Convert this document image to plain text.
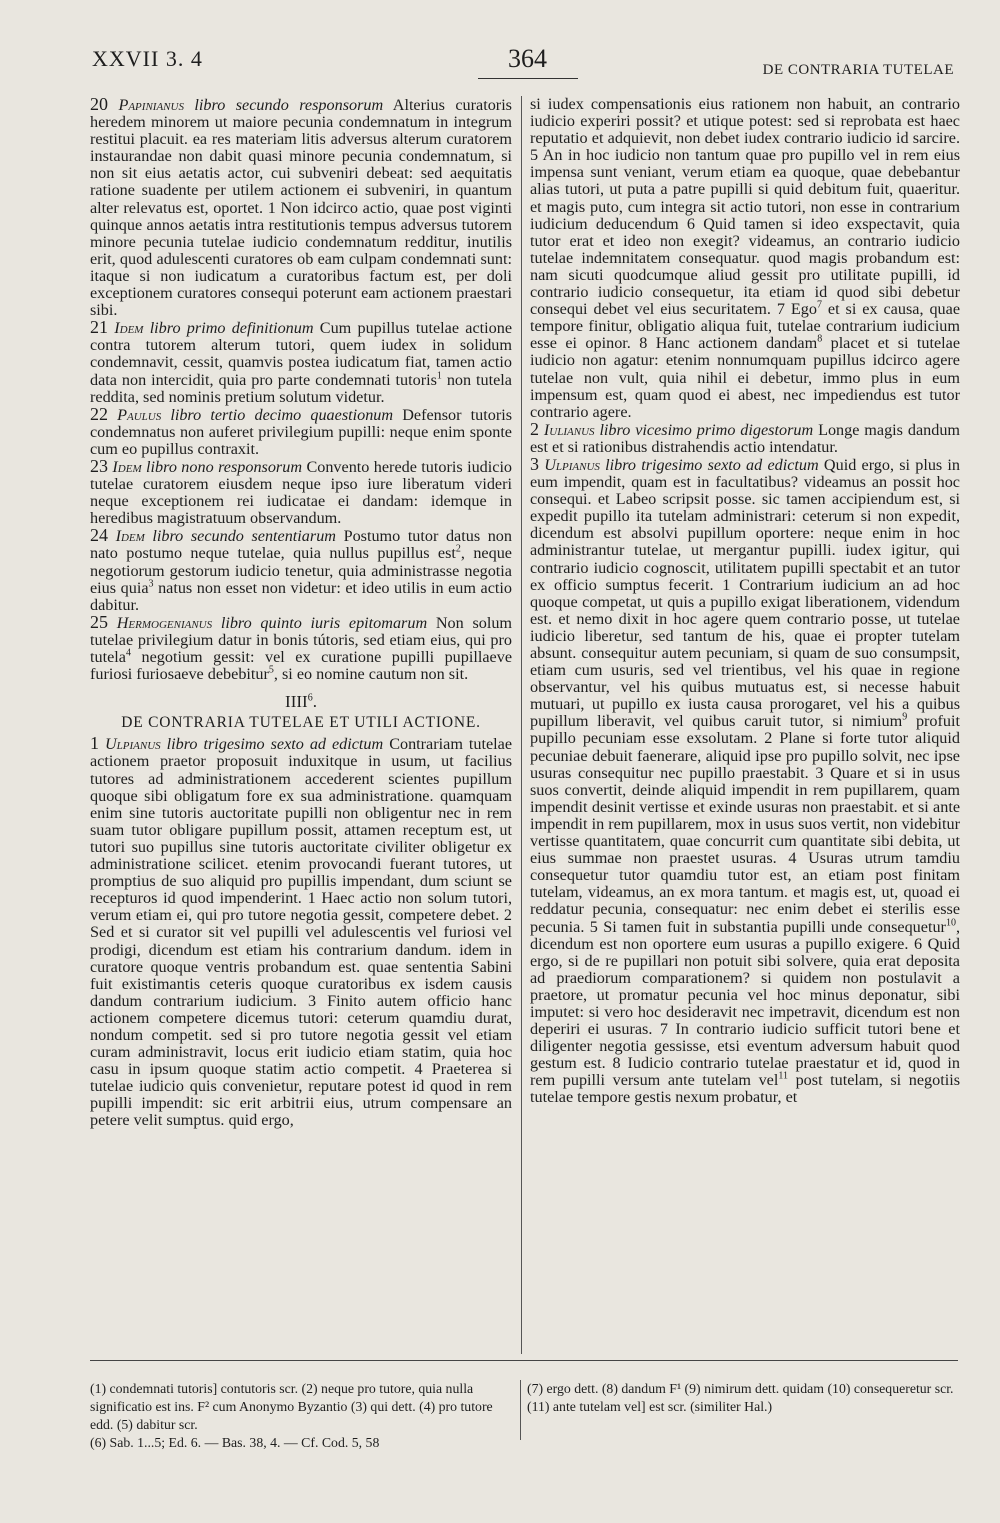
XXVII 3. 4	364	DE CONTRARIA TUTELAE

20 Papinianus libro secundo responsorum Alterius curatoris heredem minorem ut maiore pecunia condemnatum in integrum restitui placuit. ea res materiam litis adversus alterum curatorem instaurandae non dabit quasi minore pecunia condemnatum, si non sit eius aetatis actor, cui subveniri debeat: sed aequitatis ratione suadente per utilem actionem ei subveniri, in quantum alter relevatus est, oportet. 1 Non idcirco actio, quae post viginti quinque annos aetatis intra restitutionis tempus adversus tutorem minore pecunia tutelae iudicio condemnatum redditur, inutilis erit, quod adulescenti curatores ob eam culpam condemnati sunt: itaque si non iudicatum a curatoribus factum est, per doli exceptionem curatores consequi poterunt eam actionem praestari sibi.

21 Idem libro primo definitionum Cum pupillus tutelae actione contra tutorem alterum tutori, quem iudex in solidum condemnavit, cessit, quamvis postea iudicatum fiat, tamen actio data non intercidit, quia pro parte condemnati tutoris$^1$ non tutela reddita, sed nominis pretium solutum videtur.

22 Paulus libro tertio decimo quaestionum Defensor tutoris condemnatus non auferet privilegium pupilli: neque enim sponte cum eo pupillus contraxit.

23 Idem libro nono responsorum Convento herede tutoris iudicio tutelae curatorem eiusdem neque ipso iure liberatum videri neque exceptionem rei iudicatae ei dandam: idemque in heredibus magistratuum observandum.

24 Idem libro secundo sententiarum Postumo tutor datus non nato postumo neque tutelae, quia nullus pupillus est$^2$, neque negotiorum gestorum iudicio tenetur, quia administrasse negotia eius quia$^3$ natus non esset non videtur: et ideo utilis in eum actio dabitur.

25 Hermogenianus libro quinto iuris epitomarum Non solum tutelae privilegium datur in bonis tútoris, sed etiam eius, qui pro tutela$^4$ negotium gessit: vel ex curatione pupilli pupillaeve furiosi furiosaeve debebitur$^5$, si eo nomine cautum non sit.

IIII$^6$.
DE CONTRARIA TUTELAE ET UTILI ACTIONE.

1 Ulpianus libro trigesimo sexto ad edictum Contrariam tutelae actionem praetor proposuit induxitque in usum, ut facilius tutores ad administrationem accederent scientes pupillum quoque sibi obligatum fore ex sua administratione. quamquam enim sine tutoris auctoritate pupilli non obligentur nec in rem suam tutor obligare pupillum possit, attamen receptum est, ut tutori suo pupillus sine tutoris auctoritate civiliter obligetur ex administratione scilicet. etenim provocandi fuerant tutores, ut promptius de suo aliquid pro pupillis impendant, dum sciunt se recepturos id quod impenderint. 1 Haec actio non solum tutori, verum etiam ei, qui pro tutore negotia gessit, competere debet. 2 Sed et si curator sit vel pupilli vel adulescentis vel furiosi vel prodigi, dicendum est etiam his contrarium dandum. idem in curatore quoque ventris probandum est. quae sententia Sabini fuit existimantis ceteris quoque curatoribus ex isdem causis dandum contrarium iudicium. 3 Finito autem officio hanc actionem competere dicemus tutori: ceterum quamdiu durat, nondum competit. sed si pro tutore negotia gessit vel etiam curam administravit, locus erit iudicio etiam statim, quia hoc casu in ipsum quoque statim actio competit. 4 Praeterea si tutelae iudicio quis convenietur, reputare potest id quod in rem pupilli impendit: sic erit arbitrii eius, utrum compensare an petere velit sumptus. quid ergo,

si iudex compensationis eius rationem non habuit, an contrario iudicio experiri possit? et utique potest: sed si reprobata est haec reputatio et adquievit, non debet iudex contrario iudicio id sarcire. 5 An in hoc iudicio non tantum quae pro pupillo vel in rem eius impensa sunt veniant, verum etiam ea quoque, quae debebantur alias tutori, ut puta a patre pupilli si quid debitum fuit, quaeritur. et magis puto, cum integra sit actio tutori, non esse in contrarium iudicium deducendum 6 Quid tamen si ideo exspectavit, quia tutor erat et ideo non exegit? videamus, an contrario iudicio tutelae indemnitatem consequatur. quod magis probandum est: nam sicuti quodcumque aliud gessit pro utilitate pupilli, id contrario iudicio consequetur, ita etiam id quod sibi debetur consequi debet vel eius securitatem. 7 Ego$^7$ et si ex causa, quae tempore finitur, obligatio aliqua fuit, tutelae contrarium iudicium esse ei opinor. 8 Hanc actionem dandam$^8$ placet et si tutelae iudicio non agatur: etenim nonnumquam pupillus idcirco agere tutelae non vult, quia nihil ei debetur, immo plus in eum impensum est, quam quod ei abest, nec impediendus est tutor contrario agere.

2 Iulianus libro vicesimo primo digestorum Longe magis dandum est et si rationibus distrahendis actio intendatur.

3 Ulpianus libro trigesimo sexto ad edictum Quid ergo, si plus in eum impendit, quam est in facultatibus? videamus an possit hoc consequi. et Labeo scripsit posse. sic tamen accipiendum est, si expedit pupillo ita tutelam administrari: ceterum si non expedit, dicendum est absolvi pupillum oportere: neque enim in hoc administrantur tutelae, ut mergantur pupilli. iudex igitur, qui contrario iudicio cognoscit, utilitatem pupilli spectabit et an tutor ex officio sumptus fecerit. 1 Contrarium iudicium an ad hoc quoque competat, ut quis a pupillo exigat liberationem, videndum est. et nemo dixit in hoc agere quem contrario posse, ut tutelae iudicio liberetur, sed tantum de his, quae ei propter tutelam absunt. consequitur autem pecuniam, si quam de suo consumpsit, etiam cum usuris, sed vel trientibus, vel his quae in regione observantur, vel his quibus mutuatus est, si necesse habuit mutuari, ut pupillo ex iusta causa prorogaret, vel his a quibus pupillum liberavit, vel quibus caruit tutor, si nimium$^9$ profuit pupillo pecuniam esse exsolutam. 2 Plane si forte tutor aliquid pecuniae debuit faenerare, aliquid ipse pro pupillo solvit, nec ipse usuras consequitur nec pupillo praestabit. 3 Quare et si in usus suos convertit, deinde aliquid impendit in rem pupillarem, quam impendit desinit vertisse et exinde usuras non praestabit. et si ante impendit in rem pupillarem, mox in usus suos vertit, non videbitur vertisse quantitatem, quae concurrit cum quantitate sibi debita, ut eius summae non praestet usuras. 4 Usuras utrum tamdiu consequetur tutor quamdiu tutor est, an etiam post finitam tutelam, videamus, an ex mora tantum. et magis est, ut, quoad ei reddatur pecunia, consequatur: nec enim debet ei sterilis esse pecunia. 5 Si tamen fuit in substantia pupilli unde consequetur$^{10}$, dicendum est non oportere eum usuras a pupillo exigere. 6 Quid ergo, si de re pupillari non potuit sibi solvere, quia erat deposita ad praediorum comparationem? si quidem non postulavit a praetore, ut promatur pecunia vel hoc minus deponatur, sibi imputet: si vero hoc desideravit nec impetravit, dicendum est non deperiri ei usuras. 7 In contrario iudicio sufficit tutori bene et diligenter negotia gessisse, etsi eventum adversum habuit quod gestum est. 8 Iudicio contrario tutelae praestatur et id, quod in rem pupilli versum ante tutelam vel$^{11}$ post tutelam, si negotiis tutelae tempore gestis nexum probatur, et

(1) condemnati tutoris] contutoris scr. (2) neque pro tutore, quia nulla significatio est ins. F² cum Anonymo Byzantio (3) qui dett. (4) pro tutore edd. (5) dabitur scr.
(6) Sab. 1...5; Ed. 6. — Bas. 38, 4. — Cf. Cod. 5, 58
(7) ergo dett. (8) dandum F¹ (9) nimirum dett. quidam (10) consequeretur scr. (11) ante tutelam vel] est scr. (similiter Hal.)
